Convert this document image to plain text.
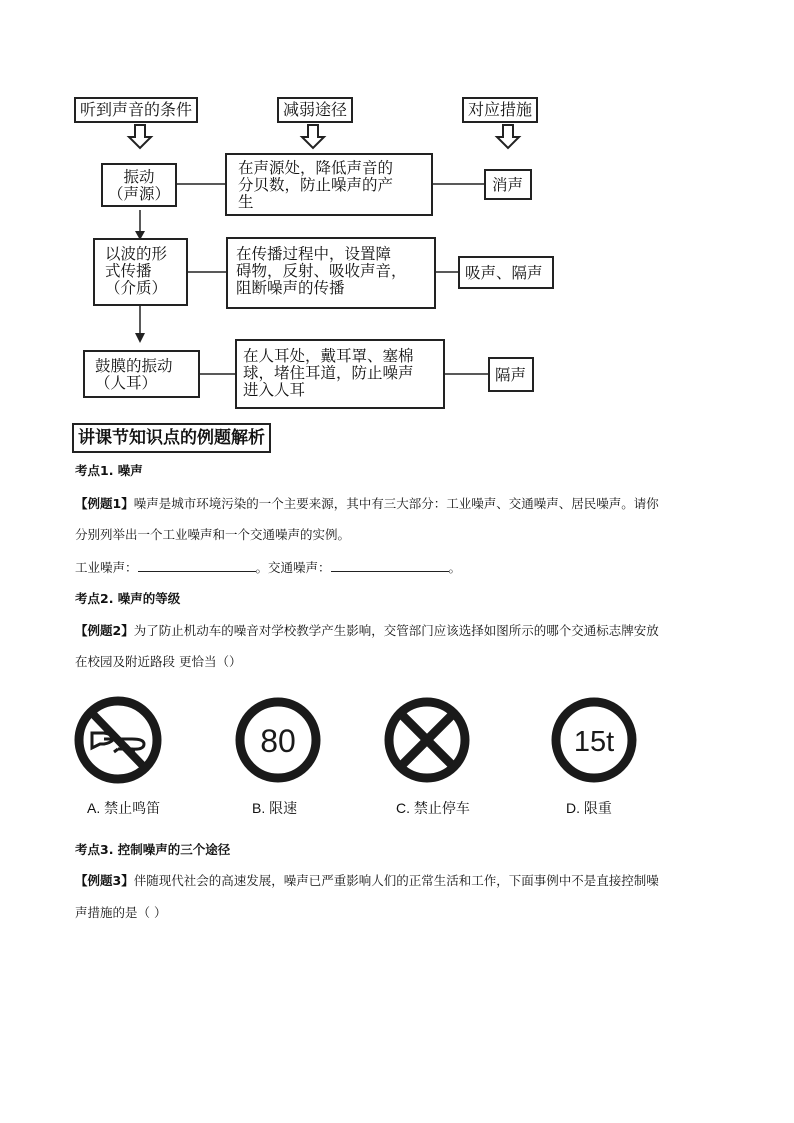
听到声音的条件	减弱途径	对应措施
振动
（声源）
在声源处，降低声音的
分贝数，防止噪声的产
生
消声
以波的形
式传播
（介质）
在传播过程中，设置障
碍物，反射、吸收声音，
阻断噪声的传播
吸声、隔声
鼓膜的振动
（人耳）
在人耳处，戴耳罩、塞棉
球，堵住耳道，防止噪声
进入人耳
隔声
讲课节知识点的例题解析
考点1. 噪声
【例题1】噪声是城市环境污染的一个主要来源，其中有三大部分：工业噪声、交通噪声、居民噪声。请你
分别列举出一个工业噪声和一个交通噪声的实例。
工业噪声：	。交通噪声：	。
考点2. 噪声的等级
【例题2】为了防止机动车的噪音对学校教学产生影响，交管部门应该选择如图所示的哪个交通标志牌安放
在校园及附近路段 更恰当（）
80	15t
A. 禁止鸣笛	B. 限速	C. 禁止停车	D. 限重
考点3. 控制噪声的三个途径
【例题3】伴随现代社会的高速发展，噪声已严重影响人们的正常生活和工作，下面事例中不是直接控制噪
声措施的是（ ）
